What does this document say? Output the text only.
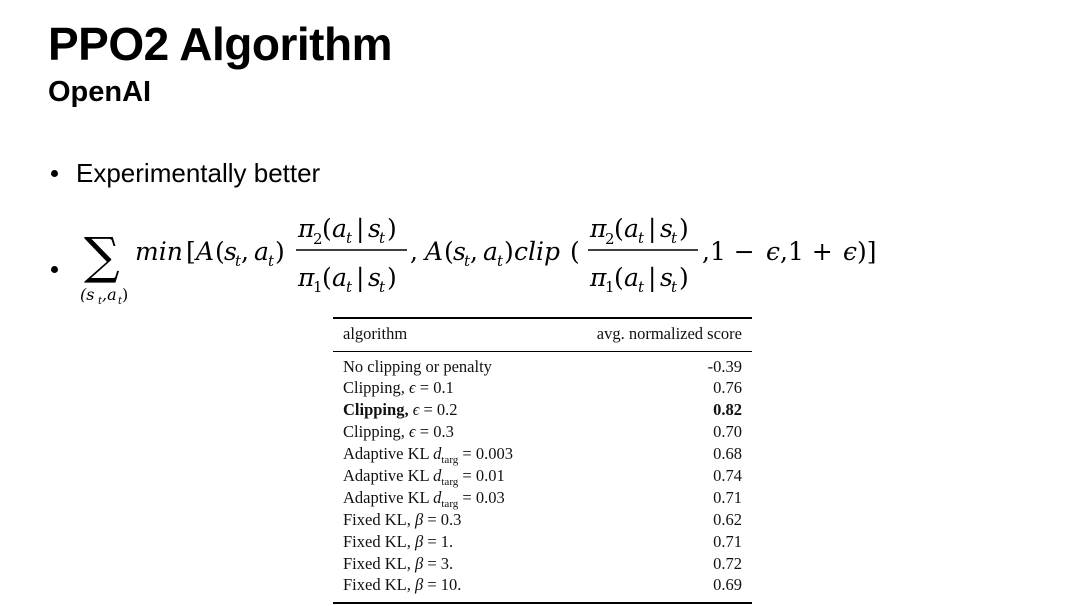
PPO2 Algorithm
OpenAI
Experimentally better
∑
(s t ,a t )
min [ A ( s
t , a t )
π
2 ( a t | s
t )
π
1 ( a t | s
t )
, A ( s
t , a t ) clip (
π
2 ( a t | s
t )
π
1 ( a t | s
t )
,1 − ϵ ,1 + ϵ )]
algorithm	avg. normalized score
No clipping or penalty	-0.39
Clipping, ϵ = 0.1	0.76
Clipping, ϵ = 0.2	0.82
Clipping, ϵ = 0.3	0.70
Adaptive KL $d_{targ} = 0.003$	0.68
Adaptive KL $d_{targ} = 0.01$	0.74
Adaptive KL $d_{targ} = 0.03$	0.71
Fixed KL, β = 0.3	0.62
Fixed KL, β = 1.	0.71
Fixed KL, β = 3.	0.72
Fixed KL, β = 10.	0.69
